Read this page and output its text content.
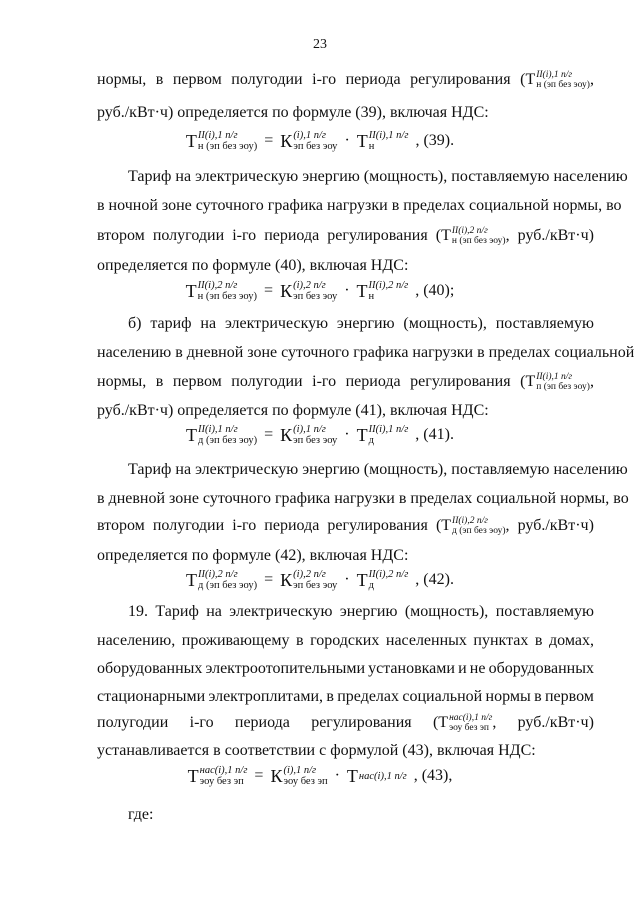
23
нормы, в первом полугодии i-го периода регулирования ( Т II(i),1 п/г
н (эп без эоу) ,
руб./кВт·ч) определяется по формуле (39), включая НДС:
Т II(i),1 п/г
н (эп без эоу) = К (i),1 п/г
эп без эоу · Т II(i),1 п/г
н	, (39).
Тариф на электрическую энергию (мощность), поставляемую населению
в ночной зоне суточного графика нагрузки в пределах социальной нормы, во
втором полугодии i-го периода регулирования ( Т II(i),2 п/г
н (эп без эоу) , руб./кВт·ч)
определяется по формуле (40), включая НДС:
Т II(i),2 п/г
н (эп без эоу) = К (i),2 п/г
эп без эоу · Т II(i),2 п/г
н	, (40);
б) тариф на электрическую энергию (мощность), поставляемую
населению в дневной зоне суточного графика нагрузки в пределах социальной
нормы, в первом полугодии i-го периода регулирования ( Т II(i),1 п/г
п (эп без эоу) ,
руб./кВт·ч) определяется по формуле (41), включая НДС:
Т II(i),1 п/г
д (эп без эоу) = К (i),1 п/г
эп без эоу · Т II(i),1 п/г
д	, (41).
Тариф на электрическую энергию (мощность), поставляемую населению
в дневной зоне суточного графика нагрузки в пределах социальной нормы, во
втором полугодии i-го периода регулирования ( Т II(i),2 п/г
д (эп без эоу) , руб./кВт·ч)
определяется по формуле (42), включая НДС:
Т II(i),2 п/г
д (эп без эоу) = К (i),2 п/г
эп без эоу · Т II(i),2 п/г
д	, (42).
19. Тариф на электрическую энергию (мощность), поставляемую
населению, проживающему в городских населенных пунктах в домах,
оборудованных электроотопительными установками и не оборудованных
стационарными электроплитами, в пределах социальной нормы в первом
полугодии i-го периода регулирования ( Т нас(i),1 п/г
эоу без эп , руб./кВт·ч)
устанавливается в соответствии с формулой (43), включая НДС:
Т нас(i),1 п/г
эоу без эп = К (i),1 п/г
эоу без эп · Т нас(i),1 п/г , (43),
где:
